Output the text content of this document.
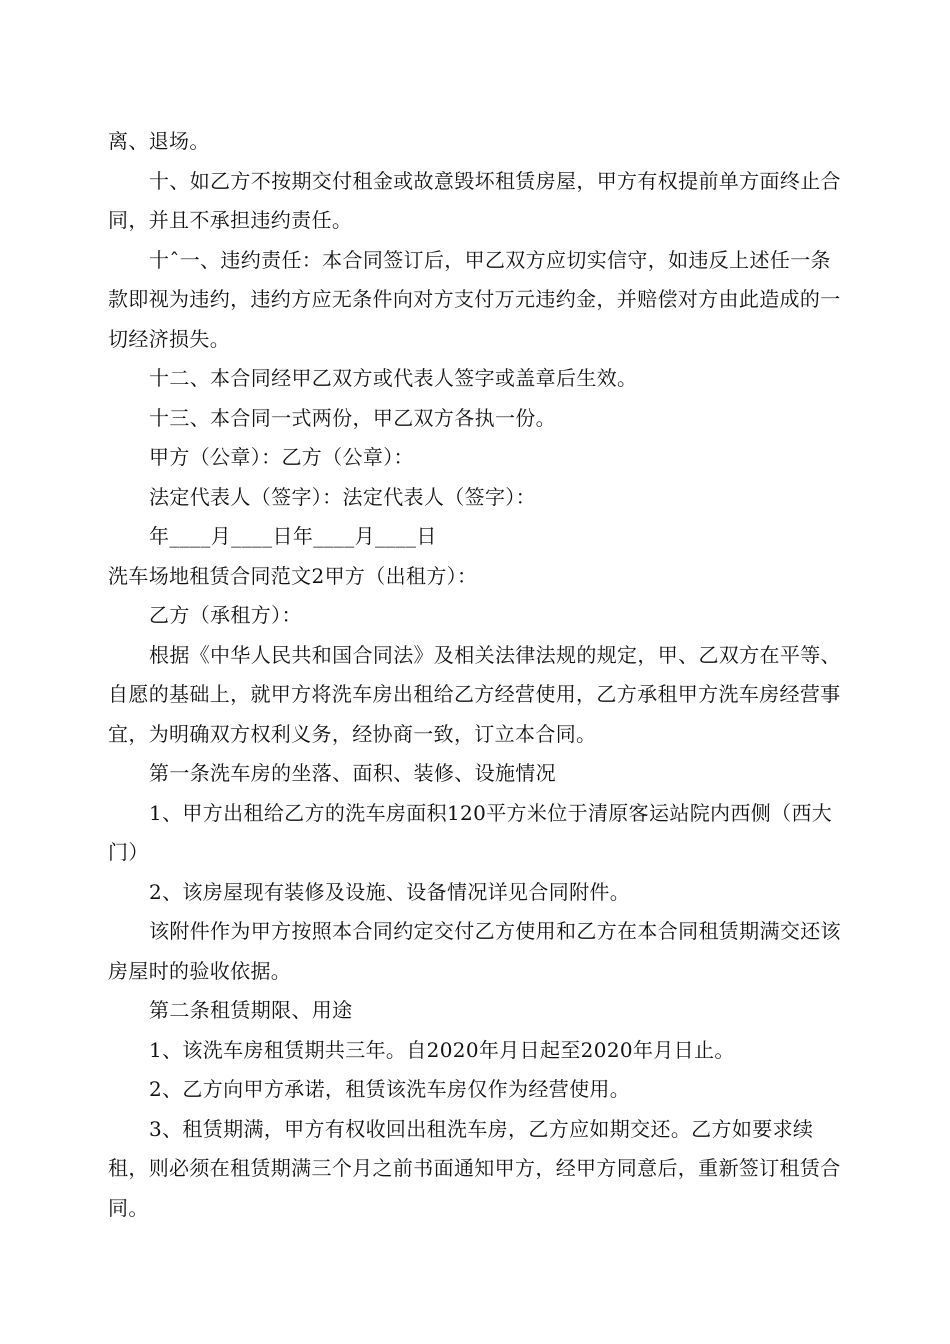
离、退场。

十、如乙方不按期交付租金或故意毁坏租赁房屋，甲方有权提前单方面终止合同，并且不承担违约责任。

十ˆ一、违约责任：本合同签订后，甲乙双方应切实信守，如违反上述任一条款即视为违约，违约方应无条件向对方支付万元违约金，并赔偿对方由此造成的一切经济损失。

十二、本合同经甲乙双方或代表人签字或盖章后生效。

十三、本合同一式两份，甲乙双方各执一份。

甲方（公章）：乙方（公章）：

法定代表人（签字）：法定代表人（签字）：

年____月____日年____月____日

洗车场地租赁合同范文2甲方（出租方）：

乙方（承租方）：

根据《中华人民共和国合同法》及相关法律法规的规定，甲、乙双方在平等、自愿的基础上，就甲方将洗车房出租给乙方经营使用，乙方承租甲方洗车房经营事宜，为明确双方权利义务，经协商一致，订立本合同。

第一条洗车房的坐落、面积、装修、设施情况

1、甲方出租给乙方的洗车房面积120平方米位于清原客运站院内西侧（西大门）

2、该房屋现有装修及设施、设备情况详见合同附件。

该附件作为甲方按照本合同约定交付乙方使用和乙方在本合同租赁期满交还该房屋时的验收依据。

第二条租赁期限、用途

1、该洗车房租赁期共三年。自2020年月日起至2020年月日止。

2、乙方向甲方承诺，租赁该洗车房仅作为经营使用。

3、租赁期满，甲方有权收回出租洗车房，乙方应如期交还。乙方如要求续租，则必须在租赁期满三个月之前书面通知甲方，经甲方同意后，重新签订租赁合同。
